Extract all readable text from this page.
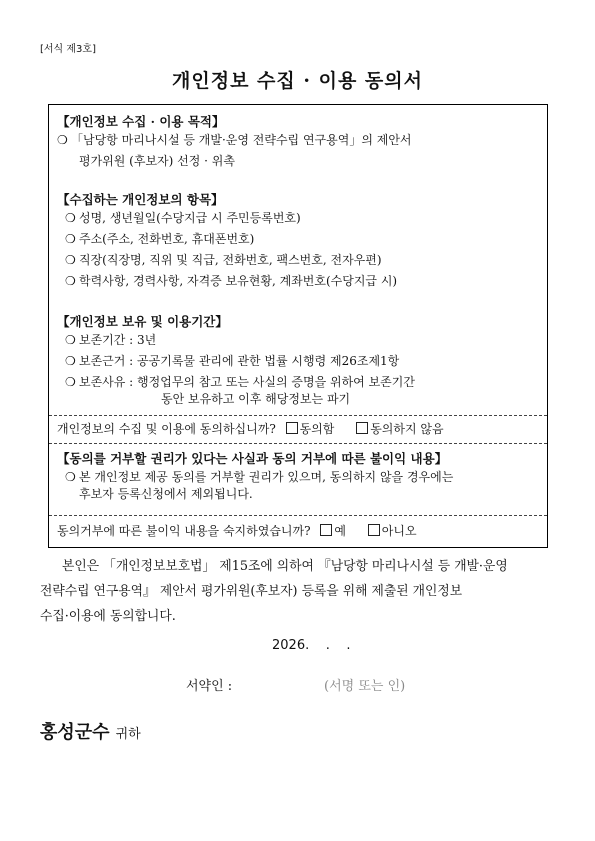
[서식 제3호]
개인정보 수집 · 이용 동의서
【개인정보 수집 · 이용 목적】
❍ 「남당항 마리나시설 등 개발·운영 전략수립 연구용역」의 제안서
평가위원 (후보자) 선정 · 위촉
【수집하는 개인정보의 항목】
❍ 성명, 생년월일(수당지급 시 주민등록번호)
❍ 주소(주소, 전화번호, 휴대폰번호)
❍ 직장(직장명, 직위 및 직급, 전화번호, 팩스번호, 전자우편)
❍ 학력사항, 경력사항, 자격증 보유현황, 계좌번호(수당지급 시)
【개인정보 보유 및 이용기간】
❍ 보존기간 : 3년
❍ 보존근거 : 공공기록물 관리에 관한 법률 시행령 제26조제1항
❍ 보존사유 : 행정업무의 참고 또는 사실의 증명을 위하여 보존기간
동안 보유하고 이후 해당정보는 파기
개인정보의 수집 및 이용에 동의하십니까? 동의함	동의하지 않음
【동의를 거부할 권리가 있다는 사실과 동의 거부에 따른 불이익 내용】
❍ 본 개인정보 제공 동의를 거부할 권리가 있으며, 동의하지 않을 경우에는
후보자 등록신청에서 제외됩니다.
동의거부에 따른 불이익 내용을 숙지하였습니까? 예	아니오
본인은 「개인정보보호법」 제15조에 의하여 『남당항 마리나시설 등 개발·운영
전략수립 연구용역』 제안서 평가위원(후보자) 등록을 위해 제출된 개인정보
수집·이용에 동의합니다.
2026.    .    .
서약인 :	(서명 또는 인)
홍성군수 귀하
